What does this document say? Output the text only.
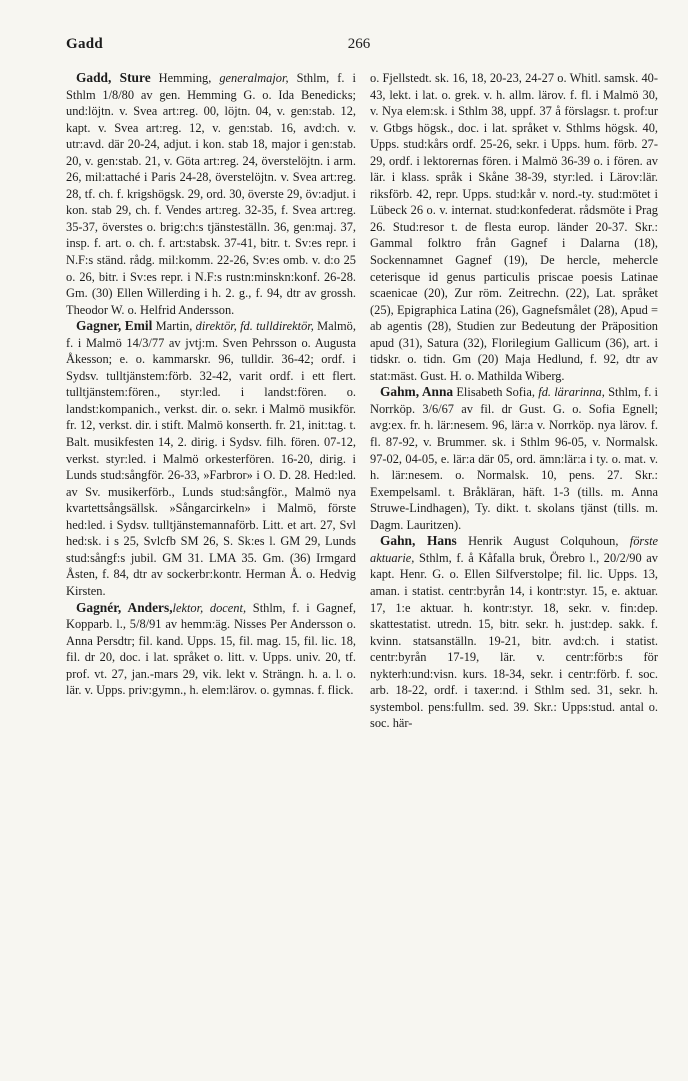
Gadd	266

Gadd, Sture Hemming, generalmajor, Sthlm, f. i Sthlm 1/8/80 av gen. Hemming G. o. Ida Benedicks; und:löjtn. v. Svea art:reg. 00, löjtn. 04, v. gen:stab. 12, kapt. v. Svea art:reg. 12, v. gen:stab. 16, avd:ch. v. utr:avd. där 20-24, adjut. i kon. stab 18, major i gen:stab. 20, v. gen:stab. 21, v. Göta art:reg. 24, överstelöjtn. i arm. 26, mil:attaché i Paris 24-28, överstelöjtn. v. Svea art:reg. 28, tf. ch. f. krigshögsk. 29, ord. 30, överste 29, öv:adjut. i kon. stab 29, ch. f. Vendes art:reg. 32-35, f. Svea art:reg. 35-37, överstes o. brig:ch:s tjänsteställn. 36, gen:maj. 37, insp. f. art. o. ch. f. art:stabsk. 37-41, bitr. t. Sv:es repr. i N.F:s ständ. rådg. mil:komm. 22-26, Sv:es omb. v. d:o 25 o. 26, bitr. i Sv:es repr. i N.F:s rustn:minskn:konf. 26-28. Gm. (30) Ellen Willerding i h. 2. g., f. 94, dtr av grossh. Theodor W. o. Helfrid Andersson.

Gagner, Emil Martin, direktör, fd. tulldirektör, Malmö, f. i Malmö 14/3/77 av jvtj:m. Sven Pehrsson o. Augusta Åkesson; e. o. kammarskr. 96, tulldir. 36-42; ordf. i Sydsv. tulltjänstem:förb. 32-42, varit ordf. i ett flert. tulltjänstem:fören., styr:led. i landst:fören. o. landst:kompanich., verkst. dir. o. sekr. i Malmö musikför. fr. 12, verkst. dir. i stift. Malmö konserth. fr. 21, init:tag. t. Balt. musikfesten 14, 2. dirig. i Sydsv. filh. fören. 07-12, verkst. styr:led. i Malmö orkesterfören. 16-20, dirig. i Lunds stud:sångför. 26-33, »Farbror» i O. D. 28. Hed:led. av Sv. musikerförb., Lunds stud:sångför., Malmö nya kvartettsångsällsk. »Sångarcirkeln» i Malmö, förste hed:led. i Sydsv. tulltjänstemannaförb. Litt. et art. 27, Svl hed:sk. i s 25, Svlcfb SM 26, S. Sk:es l. GM 29, Lunds stud:sångf:s jubil. GM 31. LMA 35. Gm. (36) Irmgard Åsten, f. 84, dtr av sockerbr:kontr. Herman Å. o. Hedvig Kirsten.

Gagnér, Anders,lektor, docent, Sthlm, f. i Gagnef, Kopparb. l., 5/8/91 av hemm:äg. Nisses Per Andersson o. Anna Persdtr; fil. kand. Upps. 15, fil. mag. 15, fil. lic. 18, fil. dr 20, doc. i lat. språket o. litt. v. Upps. univ. 20, tf. prof. vt. 27, jan.-mars 29, vik. lekt v. Strängn. h. a. l. o. lär. v. Upps. priv:gymn., h. elem:lärov. o. gymnas. f. flick.

o. Fjellstedt. sk. 16, 18, 20-23, 24-27 o. Whitl. samsk. 40-43, lekt. i lat. o. grek. v. h. allm. lärov. f. fl. i Malmö 30, v. Nya elem:sk. i Sthlm 38, uppf. 37 å förslagsr. t. prof:ur v. Gtbgs högsk., doc. i lat. språket v. Sthlms högsk. 40, Upps. stud:kårs ordf. 25-26, sekr. i Upps. hum. förb. 27-29, ordf. i lektorernas fören. i Malmö 36-39 o. i fören. av lär. i klass. språk i Skåne 38-39, styr:led. i Lärov:lär. riksförb. 42, repr. Upps. stud:kår v. nord.-ty. stud:mötet i Lübeck 26 o. v. internat. stud:konfederat. rådsmöte i Prag 26. Stud:resor t. de flesta europ. länder 20-37. Skr.: Gammal folktro från Gagnef i Dalarna (18), Sockennamnet Gagnef (19), De hercle, mehercle ceterisque id genus particulis priscae poesis Latinae scaenicae (20), Zur röm. Zeitrechn. (22), Lat. språket (25), Epigraphica Latina (26), Gagnefsmålet (28), Apud = ab agentis (28), Studien zur Bedeutung der Präposition apud (31), Satura (32), Florilegium Gallicum (36), art. i tidskr. o. tidn. Gm (20) Maja Hedlund, f. 92, dtr av stat:mäst. Gust. H. o. Mathilda Wiberg.

Gahm, Anna Elisabeth Sofia, fd. lärarinna, Sthlm, f. i Norrköp. 3/6/67 av fil. dr Gust. G. o. Sofia Egnell; avg:ex. fr. h. lär:nesem. 96, lär:a v. Norrköp. nya lärov. f. fl. 87-92, v. Brummer. sk. i Sthlm 96-05, v. Normalsk. 97-02, 04-05, e. lär:a där 05, ord. ämn:lär:a i ty. o. mat. v. h. lär:nesem. o. Normalsk. 10, pens. 27. Skr.: Exempelsaml. t. Bråkläran, häft. 1-3 (tills. m. Anna Struwe-Lindhagen), Ty. dikt. t. skolans tjänst (tills. m. Dagm. Lauritzen).

Gahn, Hans Henrik August Colquhoun, förste aktuarie, Sthlm, f. å Kåfalla bruk, Örebro l., 20/2/90 av kapt. Henr. G. o. Ellen Silfverstolpe; fil. lic. Upps. 13, aman. i statist. centr:byrån 14, i kontr:styr. 15, e. aktuar. 17, 1:e aktuar. h. kontr:styr. 18, sekr. v. fin:dep. skattestatist. utredn. 15, bitr. sekr. h. just:dep. sakk. f. kvinn. statsanställn. 19-21, bitr. avd:ch. i statist. centr:byrån 17-19, lär. v. centr:förb:s för nykterh:und:visn. kurs. 18-34, sekr. i centr:förb. f. soc. arb. 18-22, ordf. i taxer:nd. i Sthlm sed. 31, sekr. h. systembol. pens:fullm. sed. 39. Skr.: Upps:stud. antal o. soc. här-
